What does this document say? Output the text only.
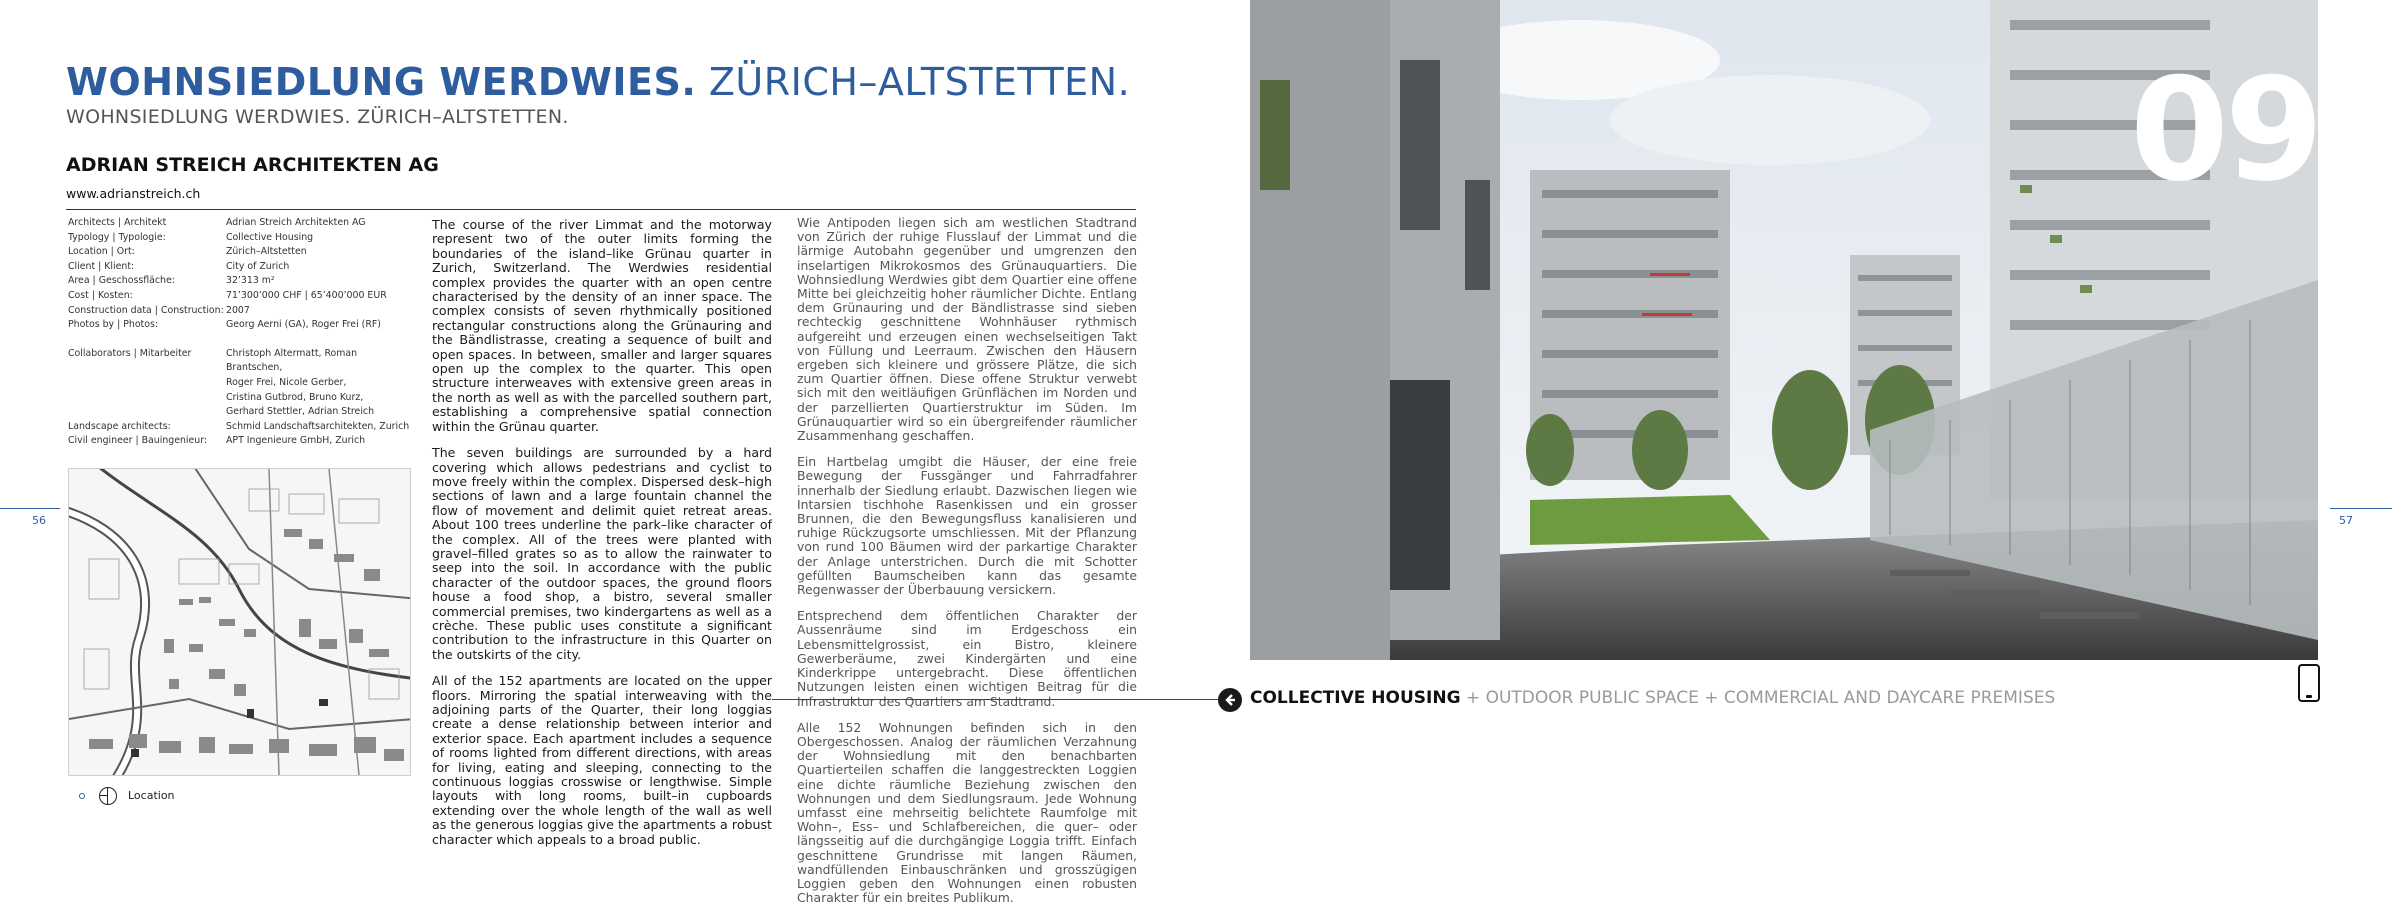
WOHNSIEDLUNG WERDWIES. ZÜRICH–ALTSTETTEN.
WOHNSIEDLUNG WERDWIES. ZÜRICH–ALTSTETTEN.
ADRIAN STREICH ARCHITEKTEN AG
www.adrianstreich.ch
Architects | Architekt	Adrian Streich Architekten AG
Typology | Typologie:	Collective Housing
Location | Ort:	Zürich–Altstetten
Client | Klient:	City of Zurich
Area | Geschossfläche:	32’313 m²
Cost | Kosten:	71’300’000 CHF | 65’400’000 EUR
Construction data | Construction: 2007
Photos by | Photos:	Georg Aerni (GA), Roger Frei (RF)
Collaborators | Mitarbeiter	Christoph Altermatt, Roman Brantschen,
Roger Frei, Nicole Gerber,
Cristina Gutbrod, Bruno Kurz,
Gerhard Stettler, Adrian Streich
Landscape architects:	Schmid Landschaftsarchitekten, Zurich
Civil engineer | Bauingenieur:	APT Ingenieure GmbH, Zurich
Location

The course of the river Limmat and the motorway represent two of the outer limits forming the boundaries of the island–like Grünau quarter in Zurich, Switzerland. The Werdwies residential complex provides the quarter with an open centre characterised by the density of an inner space. The complex consists of seven rhythmically positioned rectangular constructions along the Grünauring and the Bändlistrasse, creating a sequence of built and open spaces. In between, smaller and larger squares open up the complex to the quarter. This open structure interweaves with extensive green areas in the north as well as with the parcelled southern part, establishing a comprehensive spatial connection within the Grünau quarter.

The seven buildings are surrounded by a hard covering which allows pedestrians and cyclist to move freely within the complex. Dispersed desk–high sections of lawn and a large fountain channel the flow of movement and delimit quiet retreat areas. About 100 trees underline the park–like character of the complex. All of the trees were planted with gravel–filled grates so as to allow the rainwater to seep into the soil. In accordance with the public character of the outdoor spaces, the ground floors house a food shop, a bistro, several smaller commercial premises, two kindergartens as well as a crèche. These public uses constitute a significant contribution to the infrastructure in this Quarter on the outskirts of the city.

All of the 152 apartments are located on the upper floors. Mirroring the spatial interweaving with the adjoining parts of the Quarter, their long loggias create a dense relationship between interior and exterior space. Each apartment includes a sequence of rooms lighted from different directions, with areas for living, eating and sleeping, connecting to the continuous loggias crosswise or lengthwise. Simple layouts with long rooms, built–in cupboards extending over the whole length of the wall as well as the generous loggias give the apartments a robust character which appeals to a broad public.

Wie Antipoden liegen sich am westlichen Stadtrand von Zürich der ruhige Flusslauf der Limmat und die lärmige Autobahn gegenüber und umgrenzen den inselartigen Mikrokosmos des Grünauquartiers. Die Wohnsiedlung Werdwies gibt dem Quartier eine offene Mitte bei gleichzeitig hoher räumlicher Dichte. Entlang dem Grünauring und der Bändlistrasse sind sieben rechteckig geschnittene Wohnhäuser rythmisch aufgereiht und erzeugen einen wechselseitigen Takt von Füllung und Leerraum. Zwischen den Häusern ergeben sich kleinere und grössere Plätze, die sich zum Quartier öffnen. Diese offene Struktur verwebt sich mit den weitläufigen Grünflächen im Norden und der parzellierten Quartierstruktur im Süden. Im Grünauquartier wird so ein übergreifender räumlicher Zusammenhang geschaffen.

Ein Hartbelag umgibt die Häuser, der eine freie Bewegung der Fussgänger und Fahrradfahrer innerhalb der Siedlung erlaubt. Dazwischen liegen wie Intarsien tischhohe Rasenkissen und ein grosser Brunnen, die den Bewegungsfluss kanalisieren und ruhige Rückzugsorte umschliessen. Mit der Pflanzung von rund 100 Bäumen wird der parkartige Charakter der Anlage unterstrichen. Durch die mit Schotter gefüllten Baumscheiben kann das gesamte Regenwasser der Überbauung versickern.

Entsprechend dem öffentlichen Charakter der Aussenräume sind im Erdgeschoss ein Lebensmittelgrossist, ein Bistro, kleinere Gewerberäume, zwei Kindergärten und eine Kinderkrippe untergebracht. Diese öffentlichen Nutzungen leisten einen wichtigen Beitrag für die Infrastruktur des Quartiers am Stadtrand.

Alle 152 Wohnungen befinden sich in den Obergeschossen. Analog der räumlichen Verzahnung der Wohnsiedlung mit den benachbarten Quartierteilen schaffen die langgestreckten Loggien eine dichte räumliche Beziehung zwischen den Wohnungen und dem Siedlungsraum. Jede Wohnung umfasst eine mehrseitig belichtete Raumfolge mit Wohn–, Ess– und Schlafbereichen, die quer– oder längsseitig auf die durchgängige Loggia trifft. Einfach geschnittene Grundrisse mit langen Räumen, wandfüllenden Einbauschränken und grosszügigen Loggien geben den Wohnungen einen robusten Charakter für ein breites Publikum.

56	57
09
COLLECTIVE HOUSING + OUTDOOR PUBLIC SPACE + COMMERCIAL AND DAYCARE PREMISES
